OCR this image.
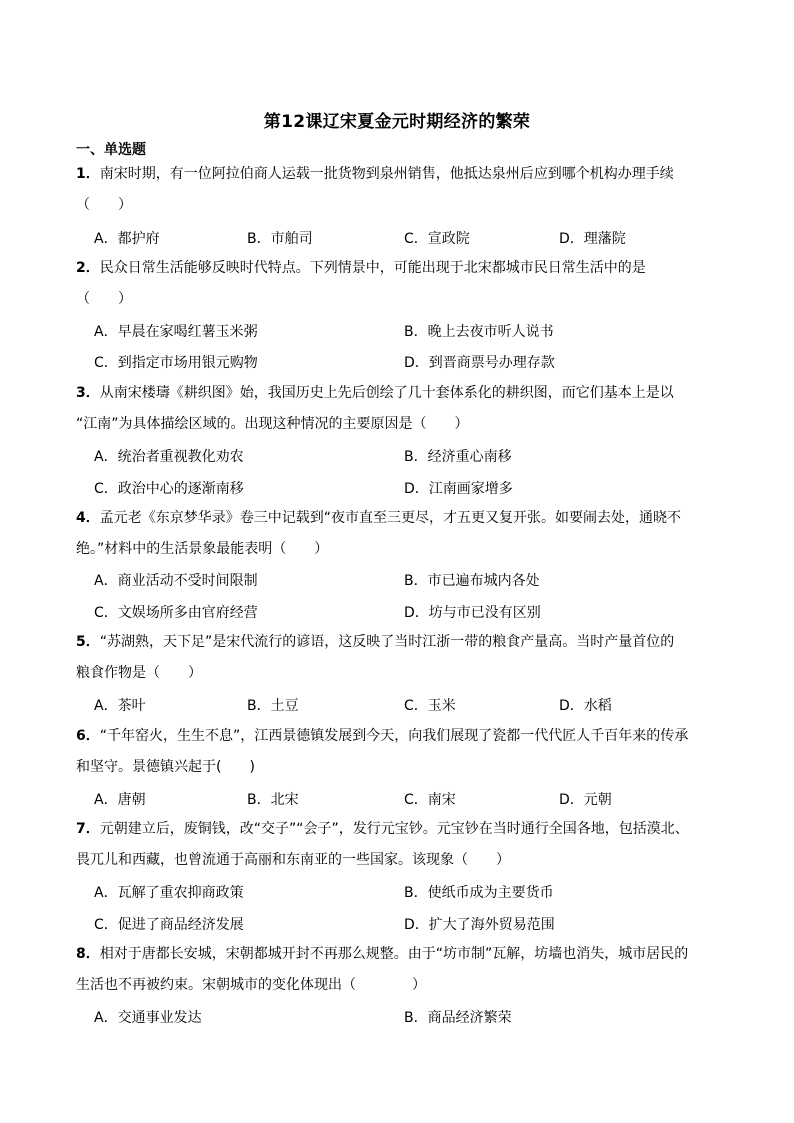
第12课辽宋夏金元时期经济的繁荣
一、单选题
1．南宋时期，有一位阿拉伯商人运载一批货物到泉州销售，他抵达泉州后应到哪个机构办理手续
（　　）
A．都护府	B．市舶司	C．宣政院	D．理藩院
2．民众日常生活能够反映时代特点。下列情景中，可能出现于北宋都城市民日常生活中的是
（　　）
A．早晨在家喝红薯玉米粥	B．晚上去夜市听人说书
C．到指定市场用银元购物	D．到晋商票号办理存款
3．从南宋楼璹《耕织图》始，我国历史上先后创绘了几十套体系化的耕织图，而它们基本上是以
“江南”为具体描绘区域的。出现这种情况的主要原因是（　　）
A．统治者重视教化劝农	B．经济重心南移
C．政治中心的逐渐南移	D．江南画家增多
4．孟元老《东京梦华录》卷三中记载到“夜市直至三更尽，才五更又复开张。如要闹去处，通晓不
绝。”材料中的生活景象最能表明（　　）
A．商业活动不受时间限制	B．市已遍布城内各处
C．文娱场所多由官府经营	D．坊与市已没有区别
5．“苏湖熟，天下足”是宋代流行的谚语，这反映了当时江浙一带的粮食产量高。当时产量首位的
粮食作物是（　　）
A．茶叶	B．土豆	C．玉米	D．水稻
6．“千年窑火，生生不息”，江西景德镇发展到今天，向我们展现了瓷都一代代匠人千百年来的传承
和坚守。景德镇兴起于(　　)
A．唐朝	B．北宋	C．南宋	D．元朝
7．元朝建立后，废铜钱，改“交子”“会子”，发行元宝钞。元宝钞在当时通行全国各地，包括漠北、
畏兀儿和西藏，也曾流通于高丽和东南亚的一些国家。该现象（　　）
A．瓦解了重农抑商政策	B．使纸币成为主要货币
C．促进了商品经济发展	D．扩大了海外贸易范围
8．相对于唐都长安城，宋朝都城开封不再那么规整。由于“坊市制”瓦解，坊墙也消失，城市居民的
生活也不再被约束。宋朝城市的变化体现出（　　　　）
A．交通事业发达	B．商品经济繁荣
